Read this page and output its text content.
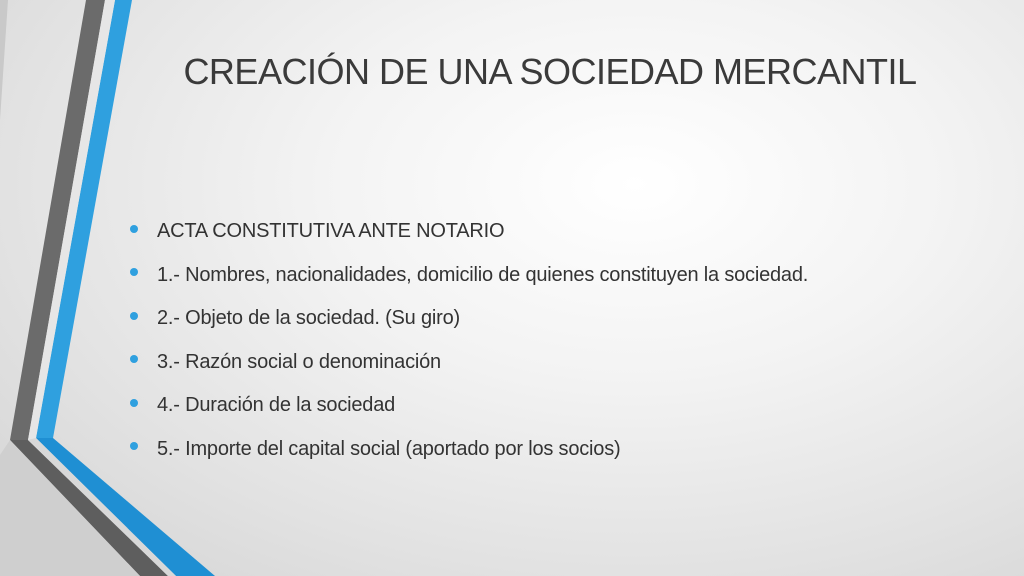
CREACIÓN DE UNA SOCIEDAD MERCANTIL
ACTA CONSTITUTIVA ANTE NOTARIO
1.- Nombres, nacionalidades, domicilio de quienes constituyen la sociedad.
2.- Objeto de la sociedad. (Su giro)
3.- Razón social o denominación
4.- Duración de la sociedad
5.- Importe del capital social (aportado por los socios)
